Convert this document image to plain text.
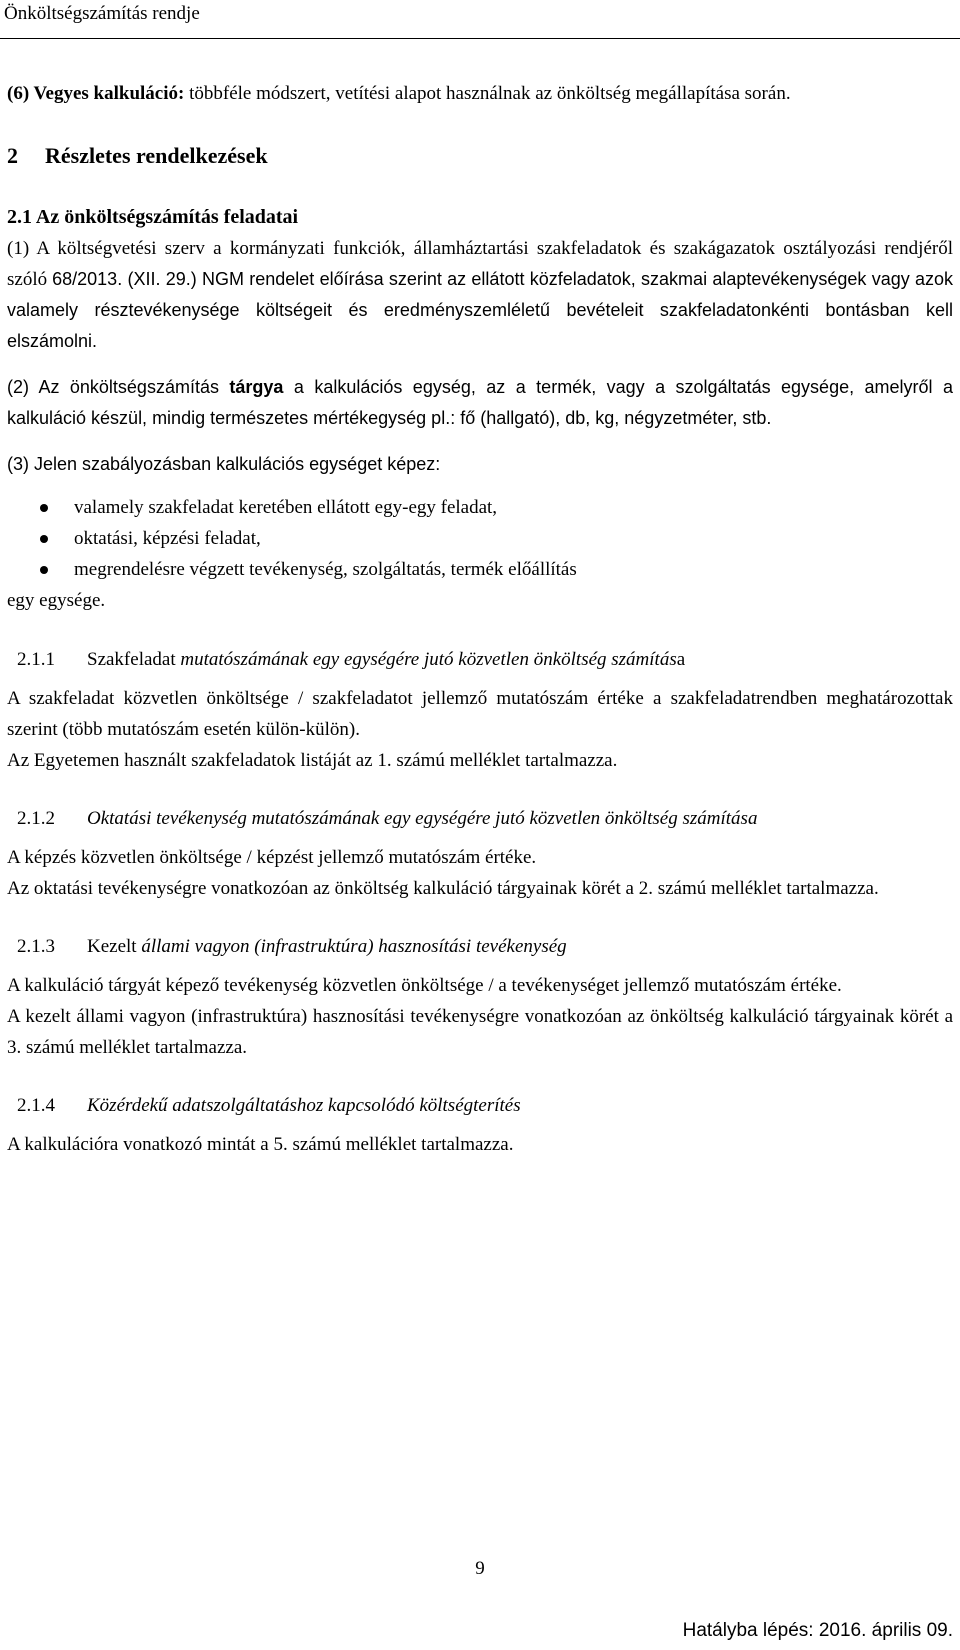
Önköltségszámítás rendje

(6) Vegyes kalkuláció: többféle módszert, vetítési alapot használnak az önköltség megállapítása során.

2 Részletes rendelkezések
2.1 Az önköltségszámítás feladatai

(1) A költségvetési szerv a kormányzati funkciók, államháztartási szakfeladatok és szakágazatok osztályozási rendjéről szóló 68/2013. (XII. 29.) NGM rendelet előírása szerint az ellátott közfeladatok, szakmai alaptevékenységek vagy azok valamely résztevékenysége költségeit és eredményszemléletű bevételeit szakfeladatonkénti bontásban kell elszámolni.

(2) Az önköltségszámítás tárgya a kalkulációs egység, az a termék, vagy a szolgáltatás egysége, amelyről a kalkuláció készül, mindig természetes mértékegység pl.: fő (hallgató), db, kg, négyzetméter, stb.

(3) Jelen szabályozásban kalkulációs egységet képez:

valamely szakfeladat keretében ellátott egy-egy feladat,
oktatási, képzési feladat,
megrendelésre végzett tevékenység, szolgáltatás, termék előállítás

egy egysége.

2.1.1	Szakfeladat mutatószámának egy egységére jutó közvetlen önköltség számítása

A szakfeladat közvetlen önköltsége / szakfeladatot jellemző mutatószám értéke a szakfeladatrendben meghatározottak szerint (több mutatószám esetén külön-külön).

Az Egyetemen használt szakfeladatok listáját az 1. számú melléklet tartalmazza.

2.1.2	Oktatási tevékenység mutatószámának egy egységére jutó közvetlen önköltség számítása

A képzés közvetlen önköltsége / képzést jellemző mutatószám értéke.

Az oktatási tevékenységre vonatkozóan az önköltség kalkuláció tárgyainak körét a 2. számú melléklet tartalmazza.

2.1.3	Kezelt állami vagyon (infrastruktúra) hasznosítási tevékenység

A kalkuláció tárgyát képező tevékenység közvetlen önköltsége / a tevékenységet jellemző mutatószám értéke.

A kezelt állami vagyon (infrastruktúra) hasznosítási tevékenységre vonatkozóan az önköltség kalkuláció tárgyainak körét a 3. számú melléklet tartalmazza.

2.1.4	Közérdekű adatszolgáltatáshoz kapcsolódó költségterítés

A kalkulációra vonatkozó mintát a 5. számú melléklet tartalmazza.

9
Hatályba lépés: 2016. április 09.
